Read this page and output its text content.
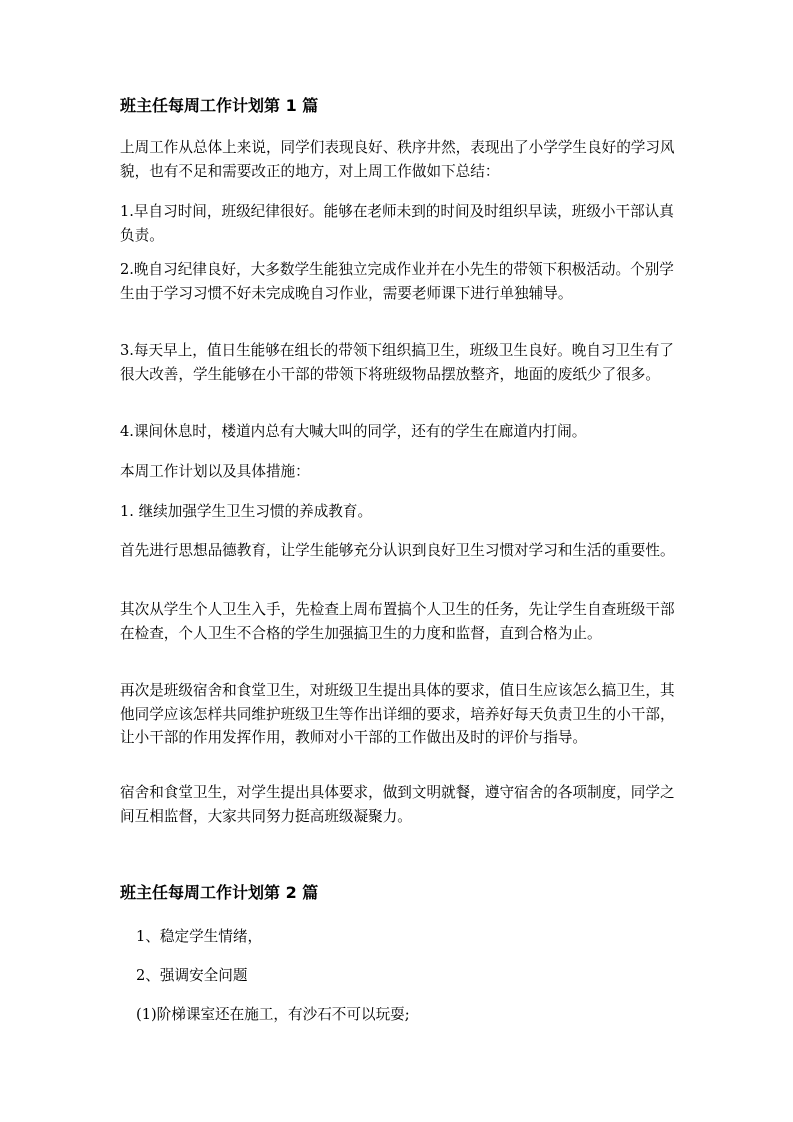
班主任每周工作计划第 1 篇

上周工作从总体上来说，同学们表现良好、秩序井然，表现出了小学学生良好的学习风貌，也有不足和需要改正的地方，对上周工作做如下总结：

1.早自习时间，班级纪律很好。能够在老师未到的时间及时组织早读，班级小干部认真负责。

2.晚自习纪律良好，大多数学生能独立完成作业并在小先生的带领下积极活动。个别学生由于学习习惯不好未完成晚自习作业，需要老师课下进行单独辅导。

3.每天早上，值日生能够在组长的带领下组织搞卫生，班级卫生良好。晚自习卫生有了很大改善，学生能够在小干部的带领下将班级物品摆放整齐，地面的废纸少了很多。

4.课间休息时，楼道内总有大喊大叫的同学，还有的学生在廊道内打闹。

本周工作计划以及具体措施：

1. 继续加强学生卫生习惯的养成教育。

首先进行思想品德教育，让学生能够充分认识到良好卫生习惯对学习和生活的重要性。

其次从学生个人卫生入手，先检查上周布置搞个人卫生的任务，先让学生自查班级干部在检查，个人卫生不合格的学生加强搞卫生的力度和监督，直到合格为止。

再次是班级宿舍和食堂卫生，对班级卫生提出具体的要求，值日生应该怎么搞卫生，其他同学应该怎样共同维护班级卫生等作出详细的要求，培养好每天负责卫生的小干部，让小干部的作用发挥作用，教师对小干部的工作做出及时的评价与指导。

宿舍和食堂卫生，对学生提出具体要求，做到文明就餐，遵守宿舍的各项制度，同学之间互相监督，大家共同努力挺高班级凝聚力。

班主任每周工作计划第 2 篇

1、稳定学生情绪，

2、强调安全问题

(1)阶梯课室还在施工，有沙石不可以玩耍;
